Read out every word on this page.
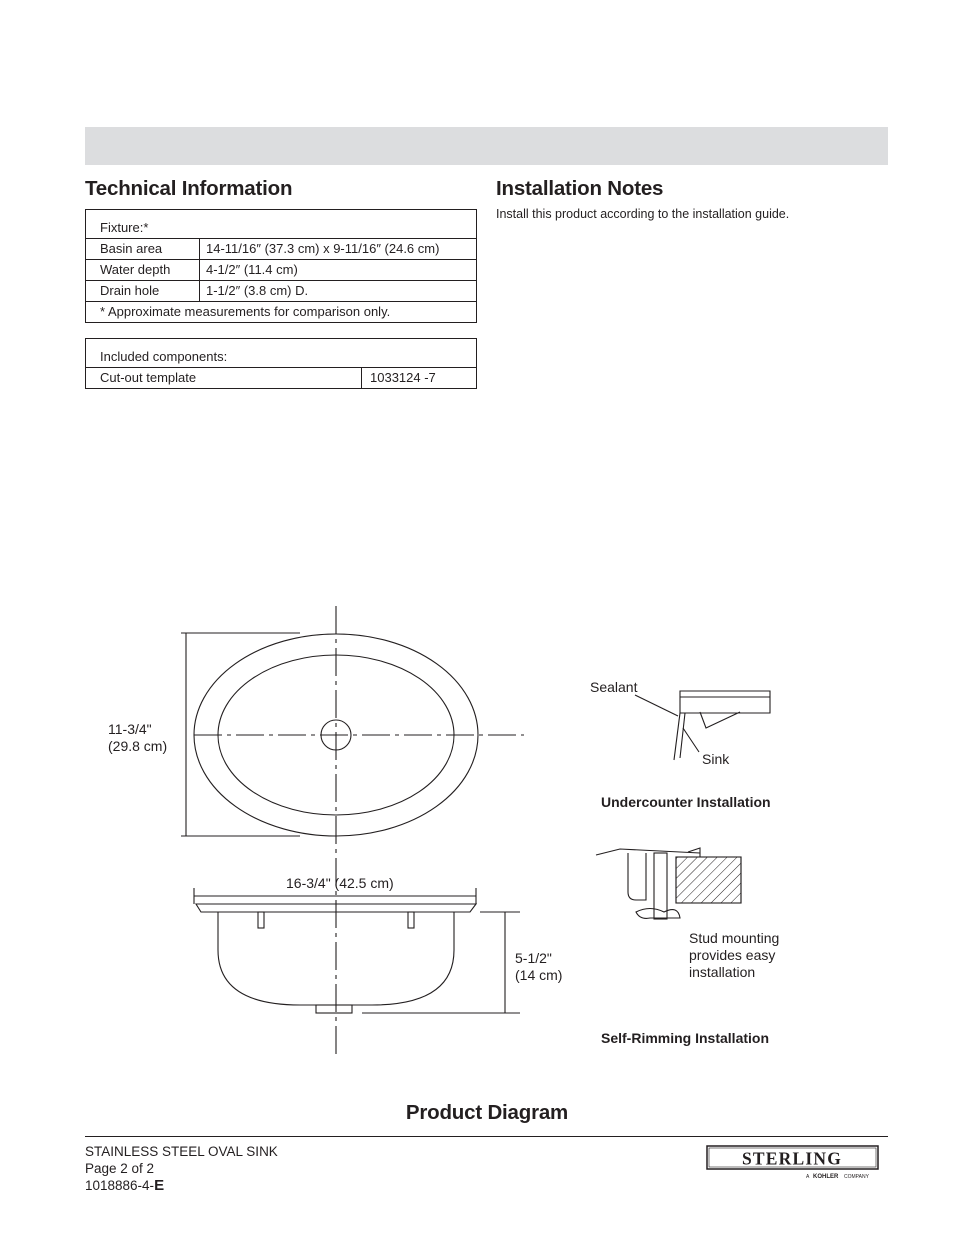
Technical Information
Fixture:*	
Basin area	14-11/16″ (37.3 cm) x 9-11/16″ (24.6 cm)
Water depth	4-1/2″ (11.4 cm)
Drain hole	1-1/2″ (3.8 cm) D.
* Approximate measurements for comparison only.	
Included components:
Cut-out template	1033124 -7
Installation Notes

Install this product according to the installation guide.

11-3/4"
(29.8 cm)
16-3/4" (42.5 cm)
5-1/2"
(14 cm)
Sealant
Sink
Undercounter Installation
Stud mounting
provides easy
installation
Self-Rimming Installation
Product Diagram
STAINLESS STEEL OVAL SINK
Page 2 of 2
1018886-4-E
STERLING
A KOHLER COMPANY
